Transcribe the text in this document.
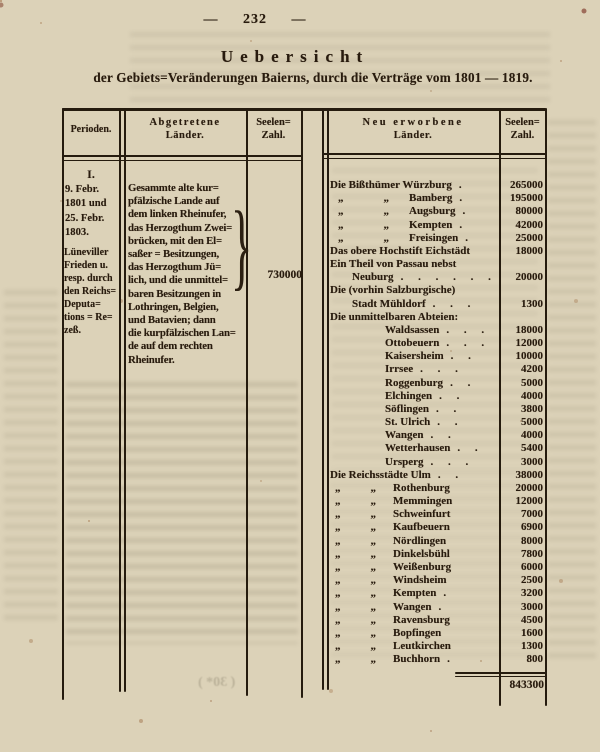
— 232 —
Uebersicht
der Gebiets=Veränderungen Baierns, durch die Verträge vom 1801 — 1819.
Perioden.
Abgetretene
Länder.
Seelen=
Zahl.
Neu erworbene
Länder.
Seelen=
Zahl.
I.
9. Febr.
1801 und
25. Febr.
1803.
Lüneviller
Frieden u.
resp. durch
den Reichs=
Deputa=
tions = Re=
zeß.
Gesammte alte kur=
pfälzische Lande auf
dem linken Rheinufer,
das Herzogthum Zwei=
brücken, mit den El=
saßer = Besitzungen,
das Herzogthum Jü=
lich, und die unmittel=
baren Besitzungen in
Lothringen, Belgien,
und Batavien; dann
die kurpfälzischen Lan=
de auf dem rechten
Rheinufer.
}	730000
Die Bißthümer Würzburg .	265000
„	„	Bamberg .	195000
„	„	Augsburg .	80000
„	„	Kempten .	42000
„	„	Freisingen .	25000
Das obere Hochstift Eichstädt	18000
Ein Theil von Passau nebst
Neuburg . . . . . .	20000
Die (vorhin Salzburgische)
Stadt Mühldorf . . .	1300
Die unmittelbaren Abteien:
Waldsassen . . .	18000
Ottobeuern . . .	12000
Kaisersheim . .	10000
Irrsee . . .	4200
Roggenburg . .	5000
Elchingen . .	4000
Söflingen . .	3800
St. Ulrich . .	5000
Wangen . .	4000
Wetterhausen . .	5400
Ursperg . . .	3000
Die Reichsstädte Ulm . .	38000
„	„	Rothenburg	20000
„	„	Memmingen	12000
„	„	Schweinfurt	7000
„	„	Kaufbeuern	6900
„	„	Nördlingen	8000
„	„	Dinkelsbühl	7800
„	„	Weißenburg	6000
„	„	Windsheim	2500
„	„	Kempten .	3200
„	„	Wangen .	3000
„	„	Ravensburg	4500
„	„	Bopfingen	1600
„	„	Leutkirchen	1300
„	„	Buchhorn .	800
843300
( 30* )
